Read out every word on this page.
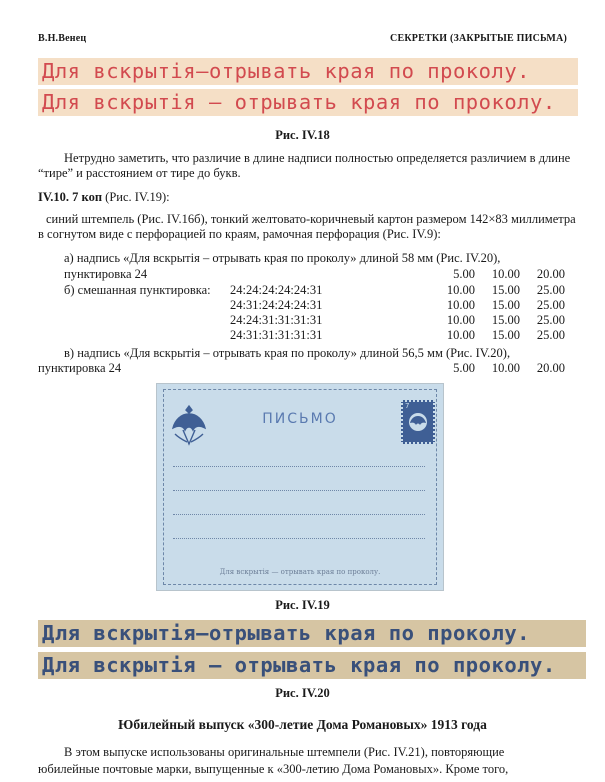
В.Н.Венец	СЕКРЕТКИ (ЗАКРЫТЫЕ ПИСЬМА)
Для вскрытія—отрывать края по проколу.
Для вскрытія — отрывать края по проколу.
Рис. IV.18
Нетрудно заметить, что различие в длине надписи полностью определяется различием в длине “тире” и расстоянием от тире до букв.
IV.10. 7 коп (Рис. IV.19):
синий штемпель (Рис. IV.16б), тонкий желтовато-коричневый картон размером 142×83 миллиметра в согнутом виде с перфорацией по краям, рамочная перфорация (Рис. IV.9):
а) надпись «Для вскрытія – отрывать края по проколу» длиной 58 мм (Рис. IV.20),
пунктировка 24	5.00	10.00	20.00
б) смешанная пунктировка: 24:24:24:24:24:31	10.00	15.00	25.00
24:31:24:24:24:31	10.00	15.00	25.00
24:24:31:31:31:31	10.00	15.00	25.00
24:31:31:31:31:31	10.00	15.00	25.00
в) надпись «Для вскрытія – отрывать края по проколу» длиной 56,5 мм (Рис. IV.20),
пунктировка 24	5.00	10.00	20.00
7
ПИСЬМО
Для вскрытія — отрывать края по проколу.
Рис. IV.19
Для вскрытія—отрывать края по проколу.
Для вскрытія — отрывать края по проколу.
Рис. IV.20
Юбилейный выпуск «300-летие Дома Романовых» 1913 года
В этом выпуске использованы оригинальные штемпели (Рис. IV.21), повторяющие
юбилейные почтовые марки, выпущенные к «300-летию Дома Романовых». Кроме того,
